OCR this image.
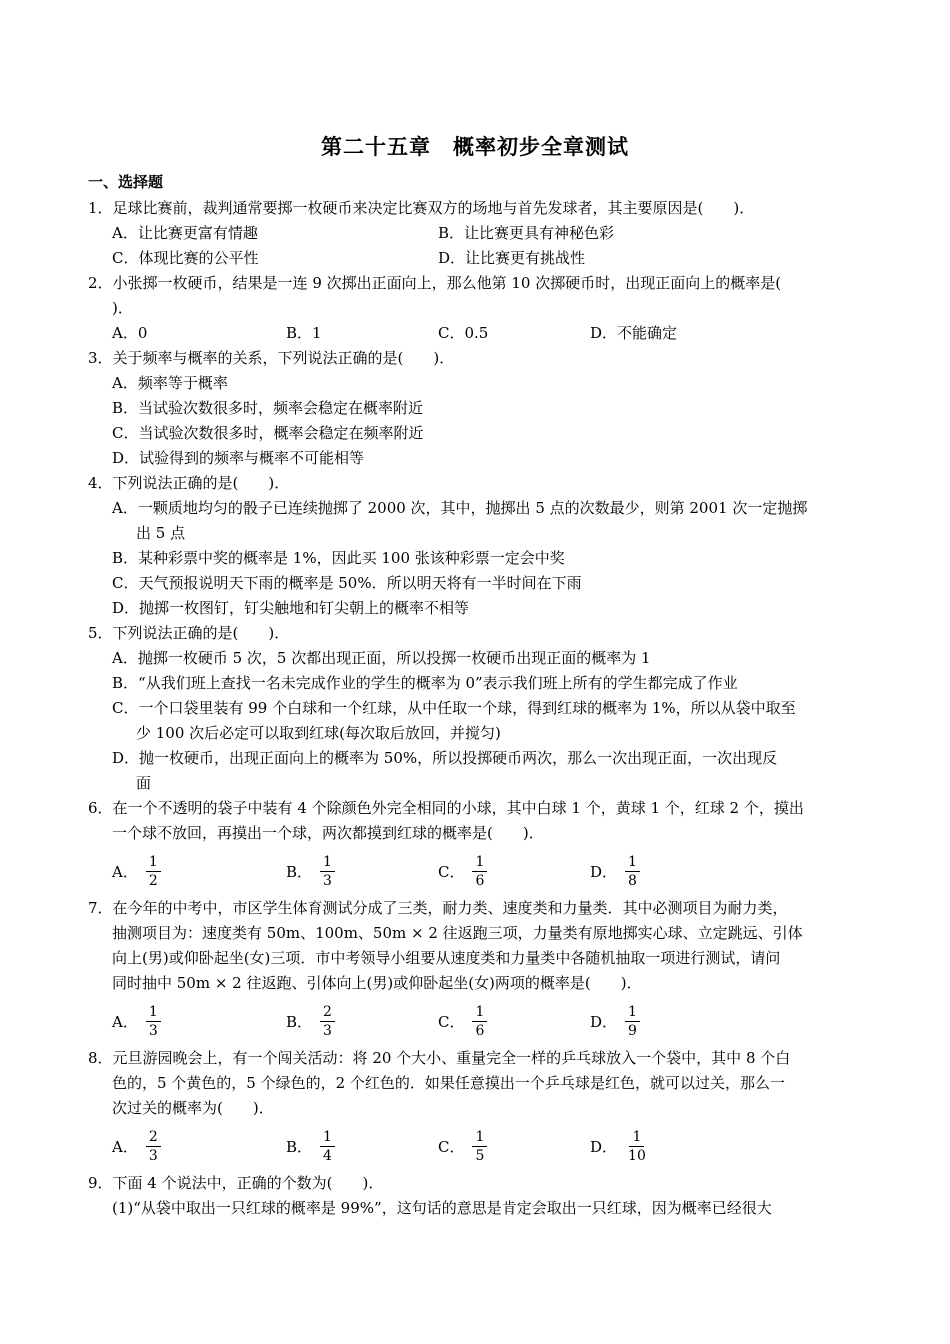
第二十五章　概率初步全章测试
一、选择题
1．足球比赛前，裁判通常要掷一枚硬币来决定比赛双方的场地与首先发球者，其主要原因是(　　)．
A．让比赛更富有情趣	B．让比赛更具有神秘色彩
C．体现比赛的公平性	D．让比赛更有挑战性
2．小张掷一枚硬币，结果是一连 9 次掷出正面向上，那么他第 10 次掷硬币时，出现正面向上的概率是(
)．
A．0	B．1	C．0.5	D．不能确定
3．关于频率与概率的关系，下列说法正确的是(　　)．
A．频率等于概率
B．当试验次数很多时，频率会稳定在概率附近
C．当试验次数很多时，概率会稳定在频率附近
D．试验得到的频率与概率不可能相等
4．下列说法正确的是(　　)．
A．一颗质地均匀的骰子已连续抛掷了 2000 次，其中，抛掷出 5 点的次数最少，则第 2001 次一定抛掷
出 5 点
B．某种彩票中奖的概率是 1%，因此买 100 张该种彩票一定会中奖
C．天气预报说明天下雨的概率是 50%．所以明天将有一半时间在下雨
D．抛掷一枚图钉，钉尖触地和钉尖朝上的概率不相等
5．下列说法正确的是(　　)．
A．抛掷一枚硬币 5 次，5 次都出现正面，所以投掷一枚硬币出现正面的概率为 1
B．“从我们班上查找一名未完成作业的学生的概率为 0”表示我们班上所有的学生都完成了作业
C．一个口袋里装有 99 个白球和一个红球，从中任取一个球，得到红球的概率为 1%，所以从袋中取至
少 100 次后必定可以取到红球(每次取后放回，并搅匀)
D．抛一枚硬币，出现正面向上的概率为 50%，所以投掷硬币两次，那么一次出现正面，一次出现反
面
6．在一个不透明的袋子中装有 4 个除颜色外完全相同的小球，其中白球 1 个，黄球 1 个，红球 2 个，摸出
一个球不放回，再摸出一个球，两次都摸到红球的概率是(　　)．
A． $\frac{1}{2}$	B． $\frac{1}{3}$	C． $\frac{1}{6}$	D． $\frac{1}{8}$
7．在今年的中考中，市区学生体育测试分成了三类，耐力类、速度类和力量类．其中必测项目为耐力类，
抽测项目为：速度类有 50m、100m、50m × 2 往返跑三项，力量类有原地掷实心球、立定跳远、引体
向上(男)或仰卧起坐(女)三项．市中考领导小组要从速度类和力量类中各随机抽取一项进行测试，请问
同时抽中 50m × 2 往返跑、引体向上(男)或仰卧起坐(女)两项的概率是(　　)．
A． $\frac{1}{3}$	B． $\frac{2}{3}$	C． $\frac{1}{6}$	D． $\frac{1}{9}$
8．元旦游园晚会上，有一个闯关活动：将 20 个大小、重量完全一样的乒乓球放入一个袋中，其中 8 个白
色的，5 个黄色的，5 个绿色的，2 个红色的．如果任意摸出一个乒乓球是红色，就可以过关，那么一
次过关的概率为(　　)．
A． $\frac{2}{3}$	B． $\frac{1}{4}$	C． $\frac{1}{5}$	D． $\frac{1}{10}$
9．下面 4 个说法中，正确的个数为(　　)．
(1)“从袋中取出一只红球的概率是 99%”，这句话的意思是肯定会取出一只红球，因为概率已经很大
